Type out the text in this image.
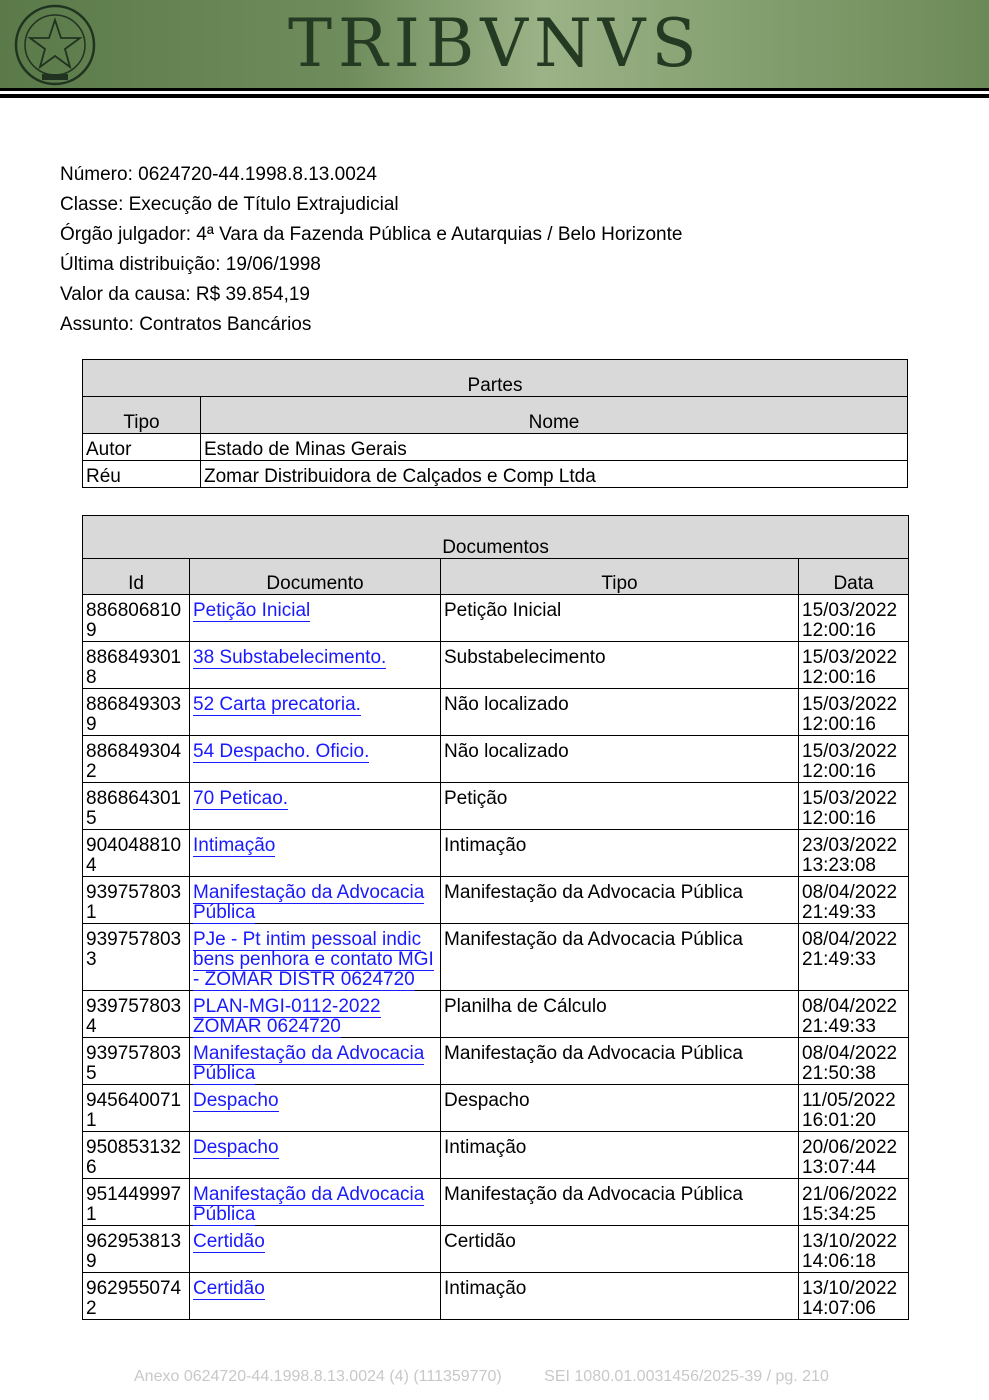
TRIBVNVS
Número: 0624720-44.1998.8.13.0024
Classe: Execução de Título Extrajudicial
Órgão julgador: 4ª Vara da Fazenda Pública e Autarquias / Belo Horizonte
Última distribuição: 19/06/1998
Valor da causa: R$ 39.854,19
Assunto: Contratos Bancários
Partes	
Tipo	Nome
Autor	Estado de Minas Gerais
Réu	Zomar Distribuidora de Calçados e Comp Ltda
Documentos			
Id	Documento	Tipo	Data
8868068109	Petição Inicial	Petição Inicial	15/03/2022 12:00:16
8868493018	38 Substabelecimento.	Substabelecimento	15/03/2022 12:00:16
8868493039	52 Carta precatoria.	Não localizado	15/03/2022 12:00:16
8868493042	54 Despacho. Oficio.	Não localizado	15/03/2022 12:00:16
8868643015	70 Peticao.	Petição	15/03/2022 12:00:16
9040488104	Intimação	Intimação	23/03/2022 13:23:08
9397578031	Manifestação da Advocacia Pública	Manifestação da Advocacia Pública	08/04/2022 21:49:33
9397578033	PJe - Pt intim pessoal indic bens penhora e contato MGI - ZOMAR DISTR 0624720	Manifestação da Advocacia Pública	08/04/2022 21:49:33
9397578034	PLAN-MGI-0112-2022 ZOMAR 0624720	Planilha de Cálculo	08/04/2022 21:49:33
9397578035	Manifestação da Advocacia Pública	Manifestação da Advocacia Pública	08/04/2022 21:50:38
9456400711	Despacho	Despacho	11/05/2022 16:01:20
9508531326	Despacho	Intimação	20/06/2022 13:07:44
9514499971	Manifestação da Advocacia Pública	Manifestação da Advocacia Pública	21/06/2022 15:34:25
9629538139	Certidão	Certidão	13/10/2022 14:06:18
9629550742	Certidão	Intimação	13/10/2022 14:07:06
Anexo 0624720-44.1998.8.13.0024 (4) (111359770)	SEI 1080.01.0031456/2025-39 / pg. 210
